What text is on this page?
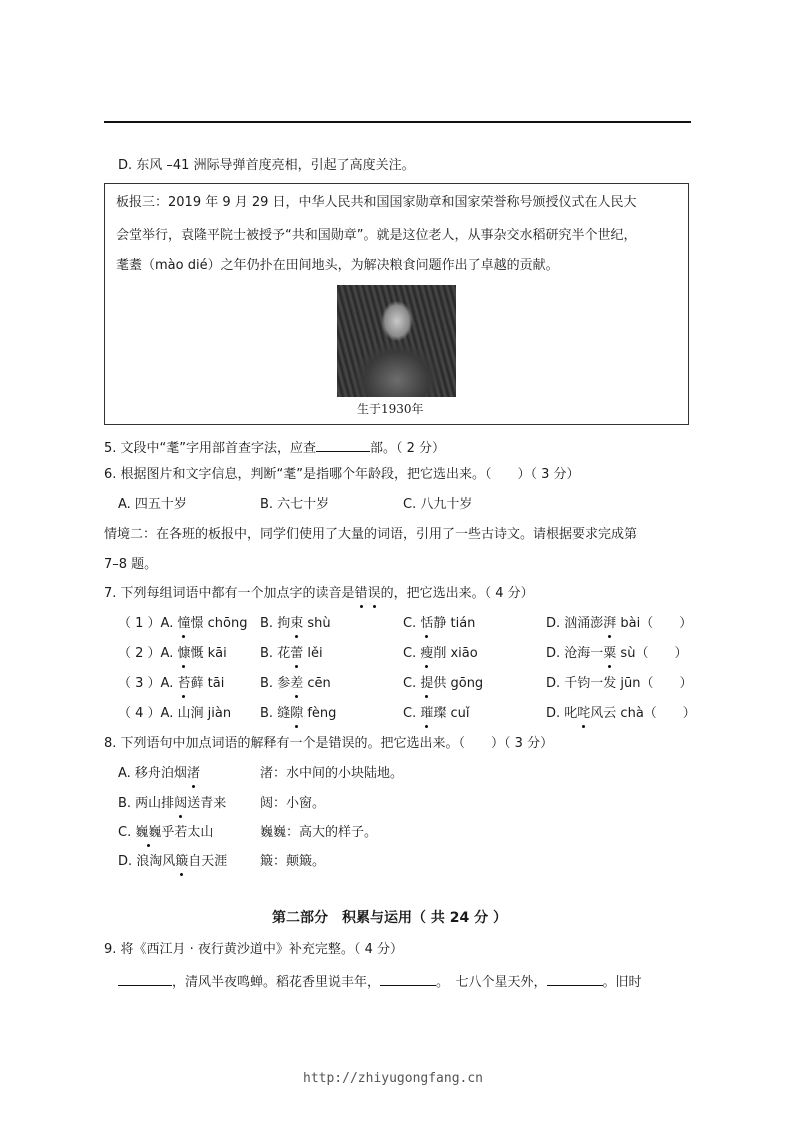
D. 东风 –41 洲际导弹首度亮相，引起了高度关注。
板报三：2019 年 9 月 29 日，中华人民共和国国家勋章和国家荣誉称号颁授仪式在人民大
会堂举行，袁隆平院士被授予“共和国勋章”。就是这位老人，从事杂交水稻研究半个世纪，
耄耋（mào dié）之年仍扑在田间地头，为解决粮食问题作出了卓越的贡献。
生于1930年
5. 文段中“耄”字用部首查字法，应查	部。（ 2 分）
6. 根据图片和文字信息，判断“耄”是指哪个年龄段，把它选出来。（　　）（ 3 分）
A. 四五十岁	B. 六七十岁	C. 八九十岁
情境二：在各班的板报中，同学们使用了大量的词语，引用了一些古诗文。请根据要求完成第
7–8 题。
7. 下列每组词语中都有一个加点字的读音是错误的，把它选出来。（ 4 分）
（ 1 ）A. 憧憬 chōng B. 拘束 shù	C. 恬静 tián	D. 汹涌澎湃 bài（　　）
（ 2 ）A. 慷慨 kāi	B. 花蕾 lěi	C. 瘦削 xiāo	D. 沧海一粟 sù（　　）
（ 3 ）A. 苔藓 tāi	B. 参差 cēn	C. 提供 gōng	D. 千钧一发 jūn（　　）
（ 4 ）A. 山涧 jiàn B. 缝隙 fèng	C. 璀璨 cuǐ	D. 叱咤风云 chà（　　）
8. 下列语句中加点词语的解释有一个是错误的。把它选出来。（　　）（ 3 分）
A. 移舟泊烟渚	渚：水中间的小块陆地。
B. 两山排闼送青来	闼：小窗。
C. 巍巍乎若太山	巍巍：高大的样子。
D. 浪淘风簸自天涯	簸：颠簸。
第二部分　积累与运用（ 共 24 分 ）
9. 将《西江月 · 夜行黄沙道中》补充完整。（ 4 分）
，清风半夜鸣蝉。稻花香里说丰年，	。　七八个星天外，	。旧时
http://zhiyugongfang.cn
